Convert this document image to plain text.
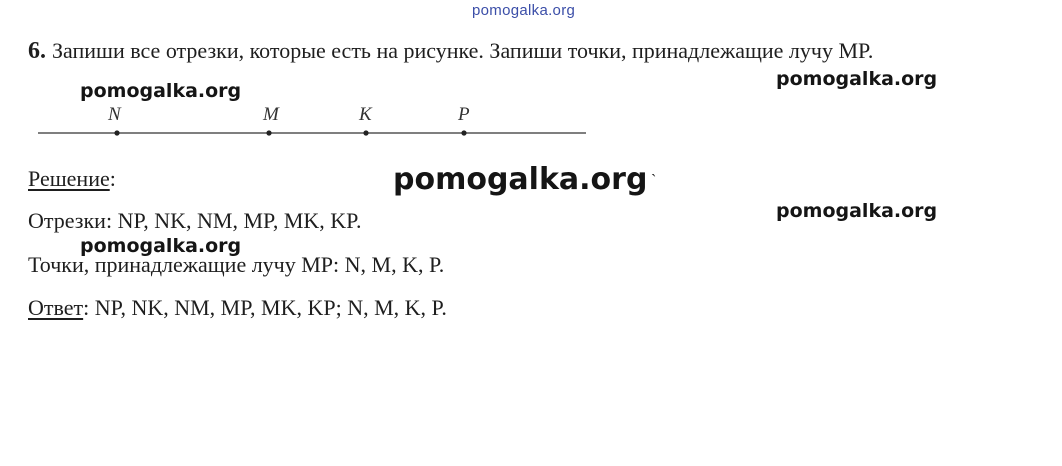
pomogalka.org
pomogalka.org
pomogalka.org
pomogalka.org
pomogalka.org
6. Запиши все отрезки, которые есть на рисунке. Запиши точки, принадлежащие лучу MP.
N	M	K	P
Решение:	`
Отрезки: NP, NK, NM, MP, MK, KP.
pomogalka.org
Точки, принадлежащие лучу MP: N, M, K, P.
Ответ: NP, NK, NM, MP, MK, KP; N, M, K, P.
